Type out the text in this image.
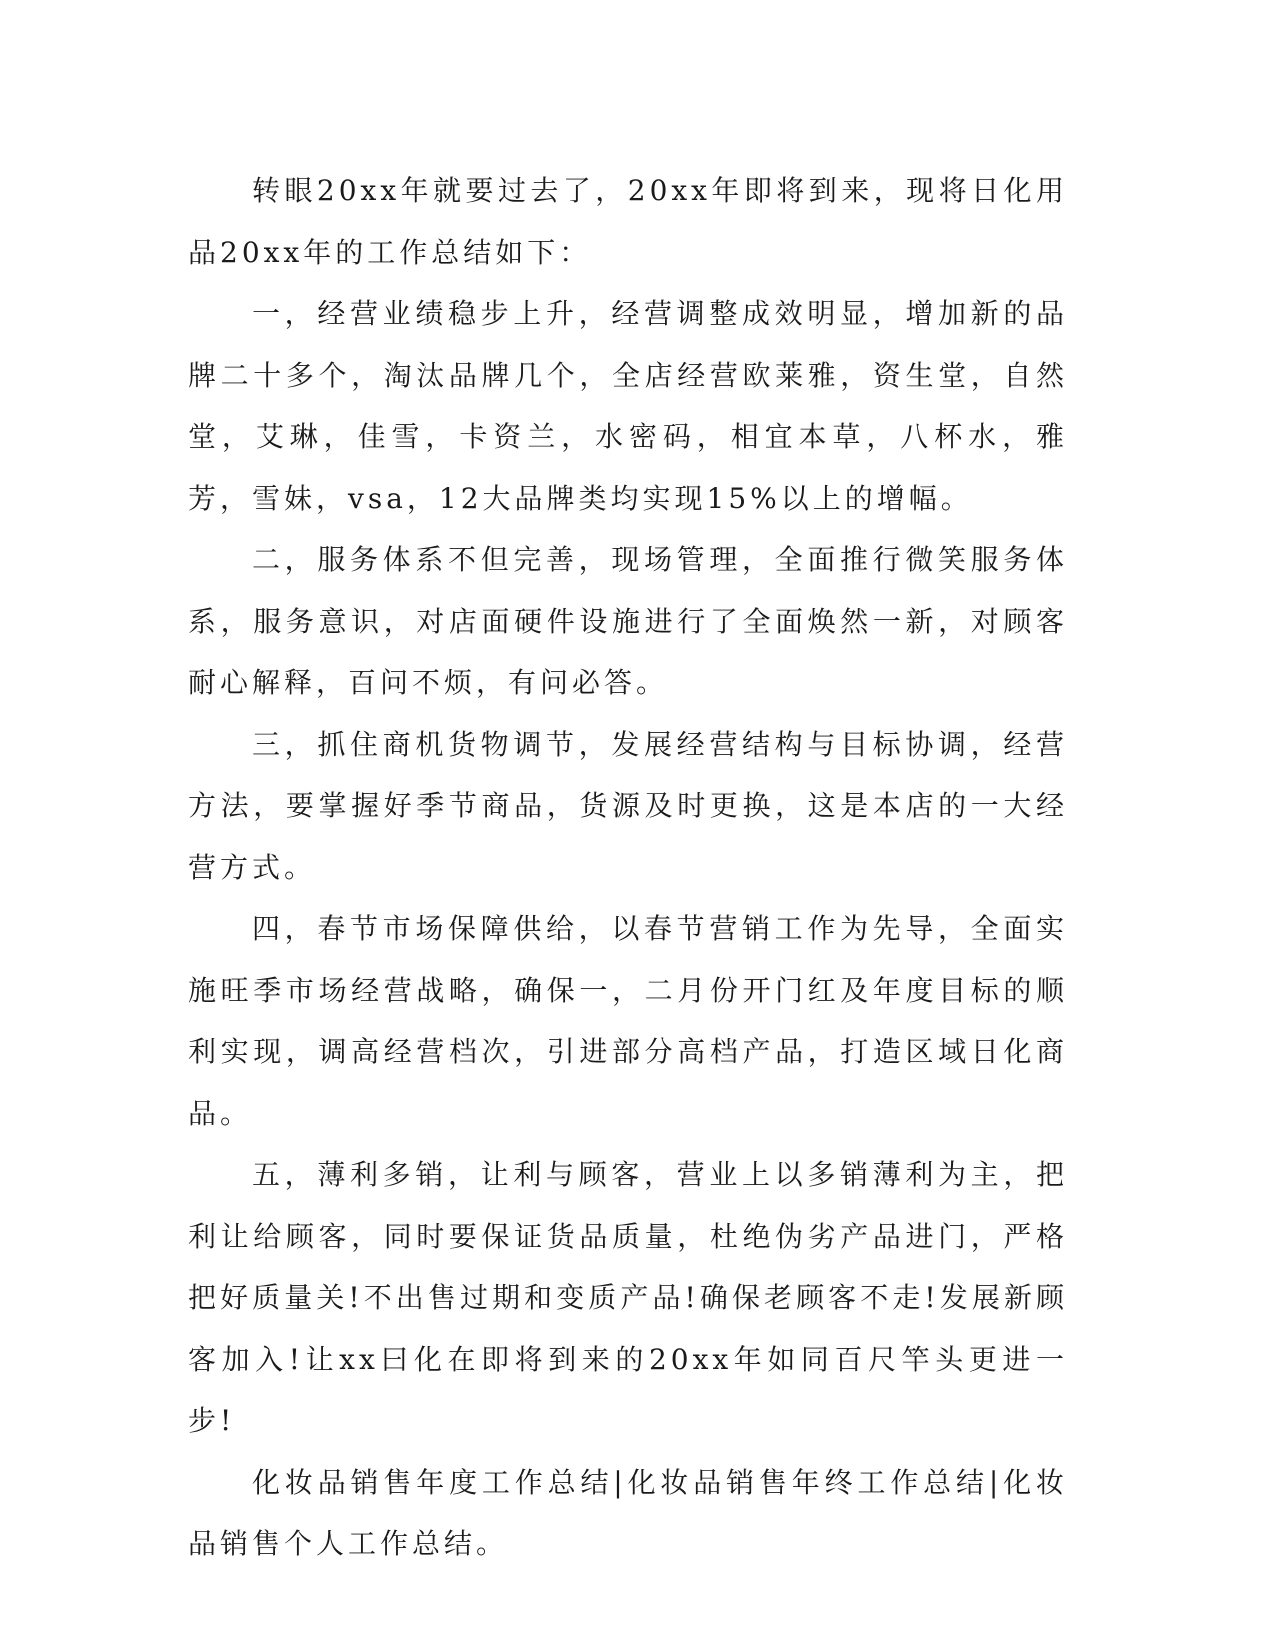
转眼20xx年就要过去了，20xx年即将到来，现将日化用品20xx年的工作总结如下：

一，经营业绩稳步上升，经营调整成效明显，增加新的品牌二十多个，淘汰品牌几个，全店经营欧莱雅，资生堂，自然堂，艾琳，佳雪，卡资兰，水密码，相宜本草，八杯水，雅芳，雪妹，vsa，12大品牌类均实现15%以上的增幅。

二，服务体系不但完善，现场管理，全面推行微笑服务体系，服务意识，对店面硬件设施进行了全面焕然一新，对顾客耐心解释，百问不烦，有问必答。

三，抓住商机货物调节，发展经营结构与目标协调，经营方法，要掌握好季节商品，货源及时更换，这是本店的一大经营方式。

四，春节市场保障供给，以春节营销工作为先导，全面实施旺季市场经营战略，确保一，二月份开门红及年度目标的顺利实现，调高经营档次，引进部分高档产品，打造区域日化商品。

五，薄利多销，让利与顾客，营业上以多销薄利为主，把利让给顾客，同时要保证货品质量，杜绝伪劣产品进门，严格把好质量关!不出售过期和变质产品!确保老顾客不走!发展新顾客加入!让xx曰化在即将到来的20xx年如同百尺竿头更进一步!

化妆品销售年度工作总结|化妆品销售年终工作总结|化妆品销售个人工作总结。
